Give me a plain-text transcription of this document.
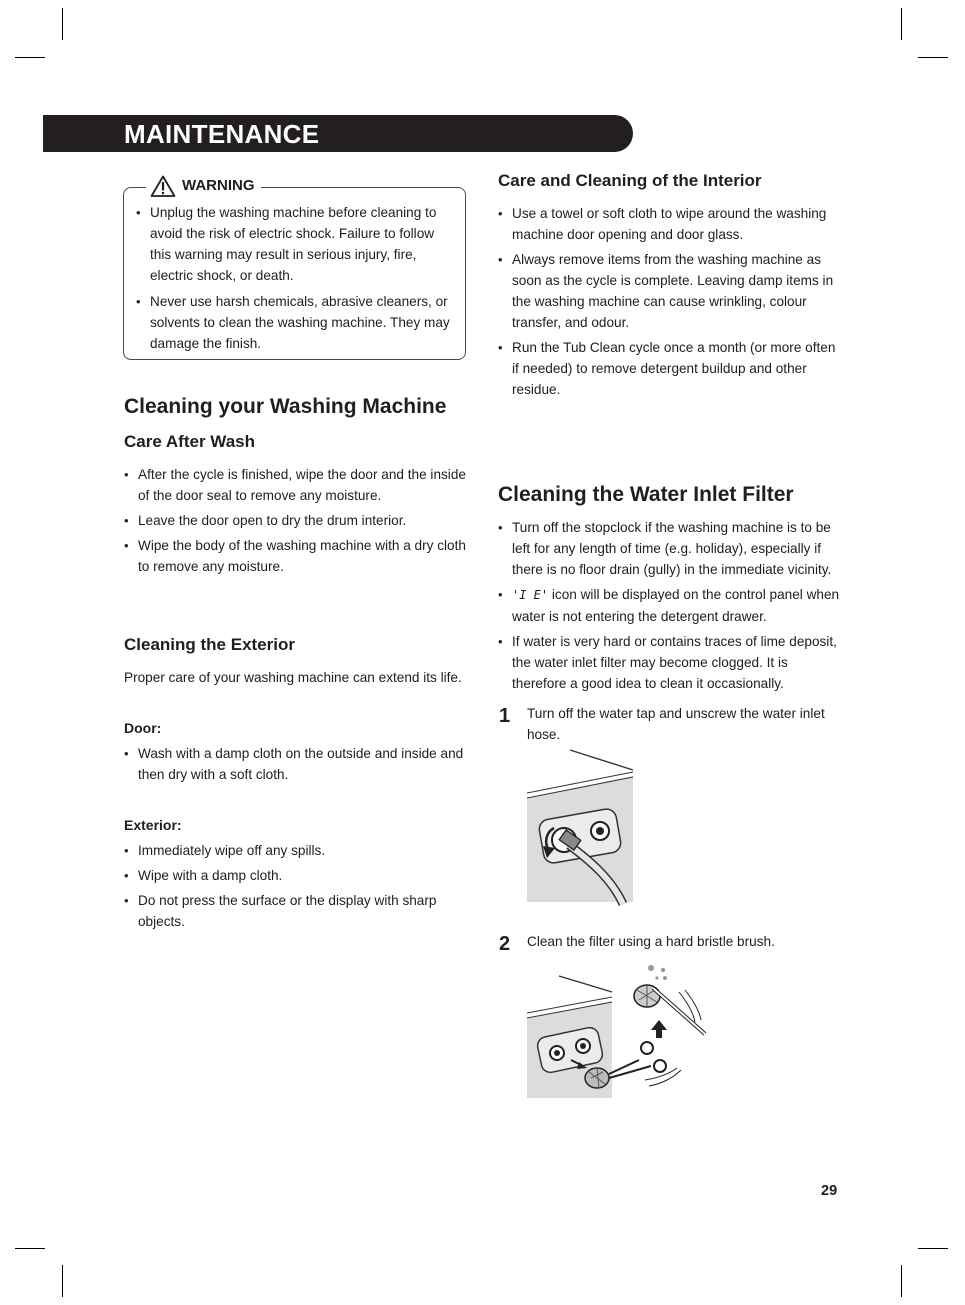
MAINTENANCE
• Unplug the washing machine before cleaning to avoid the risk of electric shock. Failure to follow this warning may result in serious injury, fire, electric shock, or death.
• Never use harsh chemicals, abrasive cleaners, or solvents to clean the washing machine. They may damage the finish.
WARNING
Cleaning your Washing Machine
Care After Wash
• After the cycle is finished, wipe the door and the inside of the door seal to remove any moisture.
• Leave the door open to dry the drum interior.
• Wipe the body of the washing machine with a dry cloth to remove any moisture.
Cleaning the Exterior
Proper care of your washing machine can extend its life.
Door:
• Wash with a damp cloth on the outside and inside and then dry with a soft cloth.
Exterior:
• Immediately wipe off any spills.
• Wipe with a damp cloth.
• Do not press the surface or the display with sharp objects.
Care and Cleaning of the Interior
• Use a towel or soft cloth to wipe around the washing machine door opening and door glass.
• Always remove items from the washing machine as soon as the cycle is complete. Leaving damp items in the washing machine can cause wrinkling, colour transfer, and odour.
• Run the Tub Clean cycle once a month (or more often if needed) to remove detergent buildup and other residue.
Cleaning the Water Inlet Filter
• Turn off the stopclock if the washing machine is to be left for any length of time (e.g. holiday), especially if there is no floor drain (gully) in the immediate vicinity.
• 'I E' icon will be displayed on the control panel when water is not entering the detergent drawer.
• If water is very hard or contains traces of lime deposit, the water inlet filter may become clogged. It is therefore a good idea to clean it occasionally.
1 Turn off the water tap and unscrew the water inlet hose.
2 Clean the filter using a hard bristle brush.
29
